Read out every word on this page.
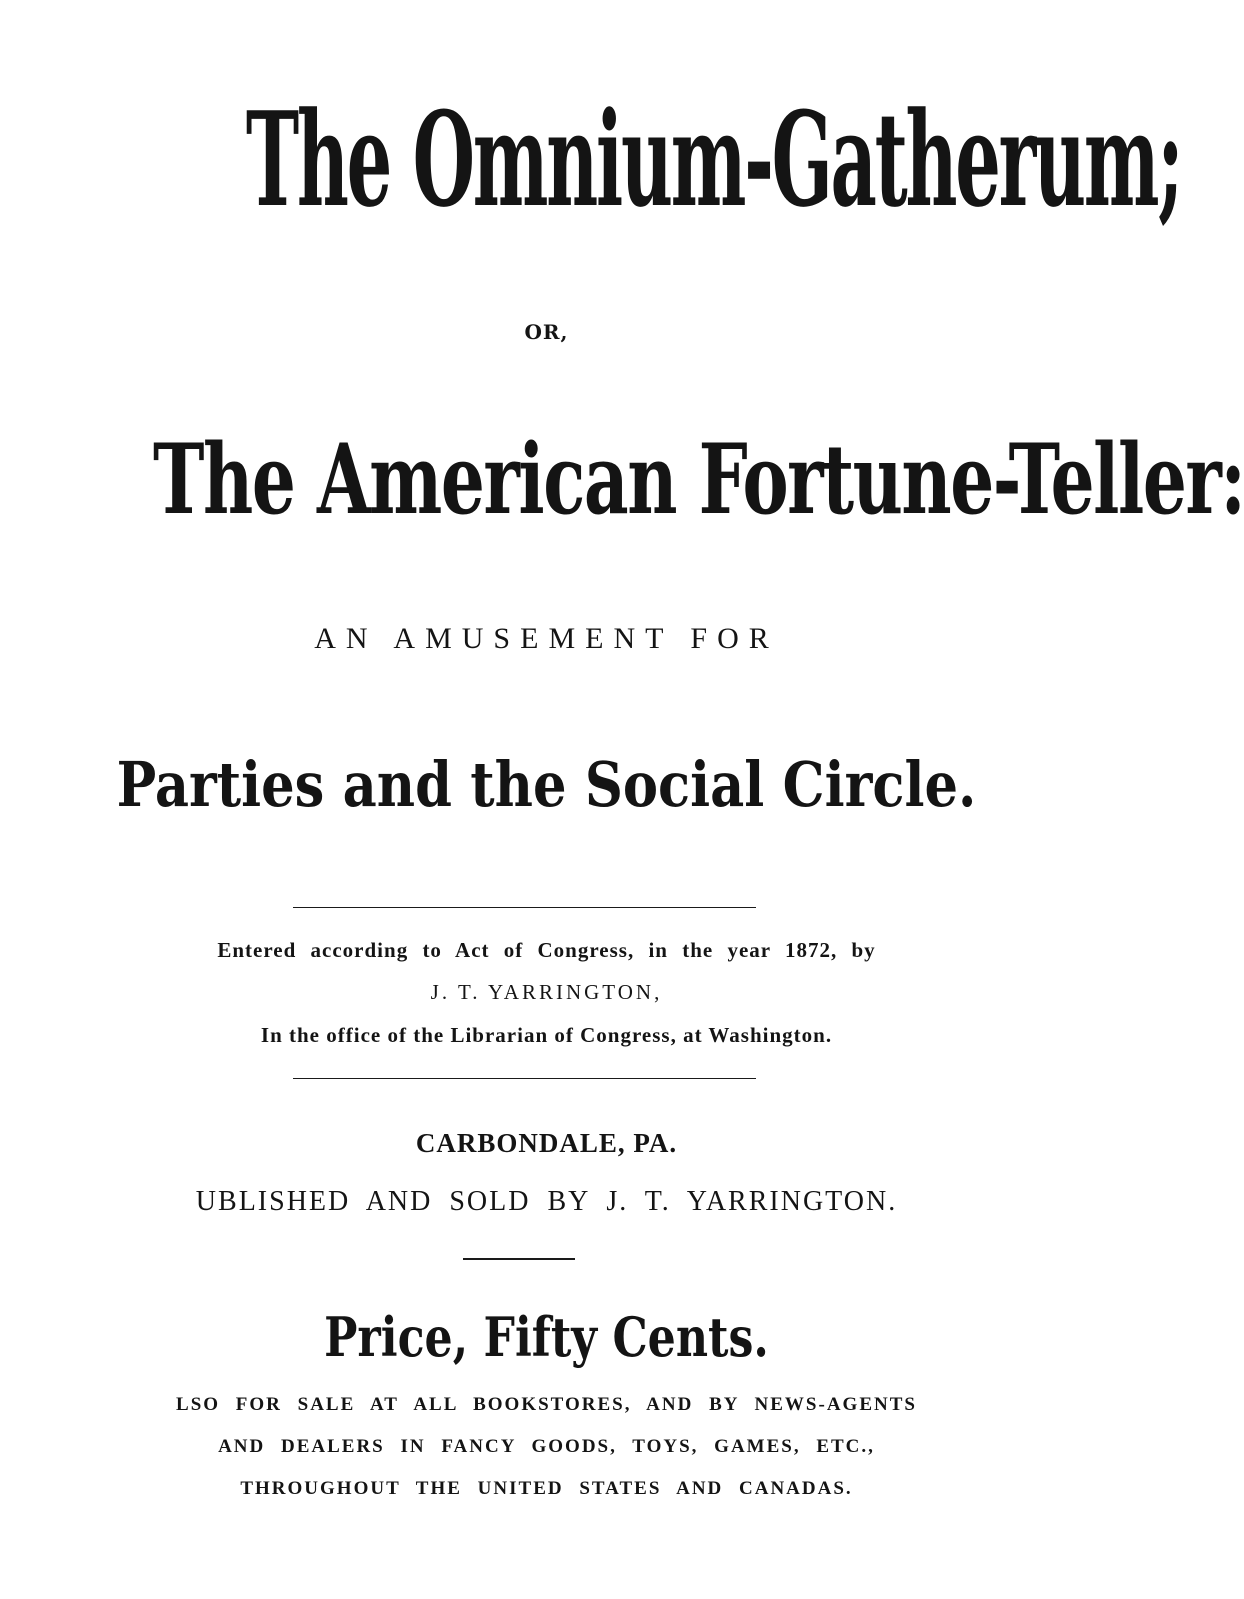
The Omnium-Gatherum;
OR,
The American Fortune-Teller:
AN AMUSEMENT FOR
Parties and the Social Circle.
Entered according to Act of Congress, in the year 1872, by
J. T. YARRINGTON,
In the office of the Librarian of Congress, at Washington.
CARBONDALE, PA.
UBLISHED AND SOLD BY J. T. YARRINGTON.
Price, Fifty Cents.
LSO FOR SALE AT ALL BOOKSTORES, AND BY NEWS-AGENTS
AND DEALERS IN FANCY GOODS, TOYS, GAMES, ETC.,
THROUGHOUT THE UNITED STATES AND CANADAS.
